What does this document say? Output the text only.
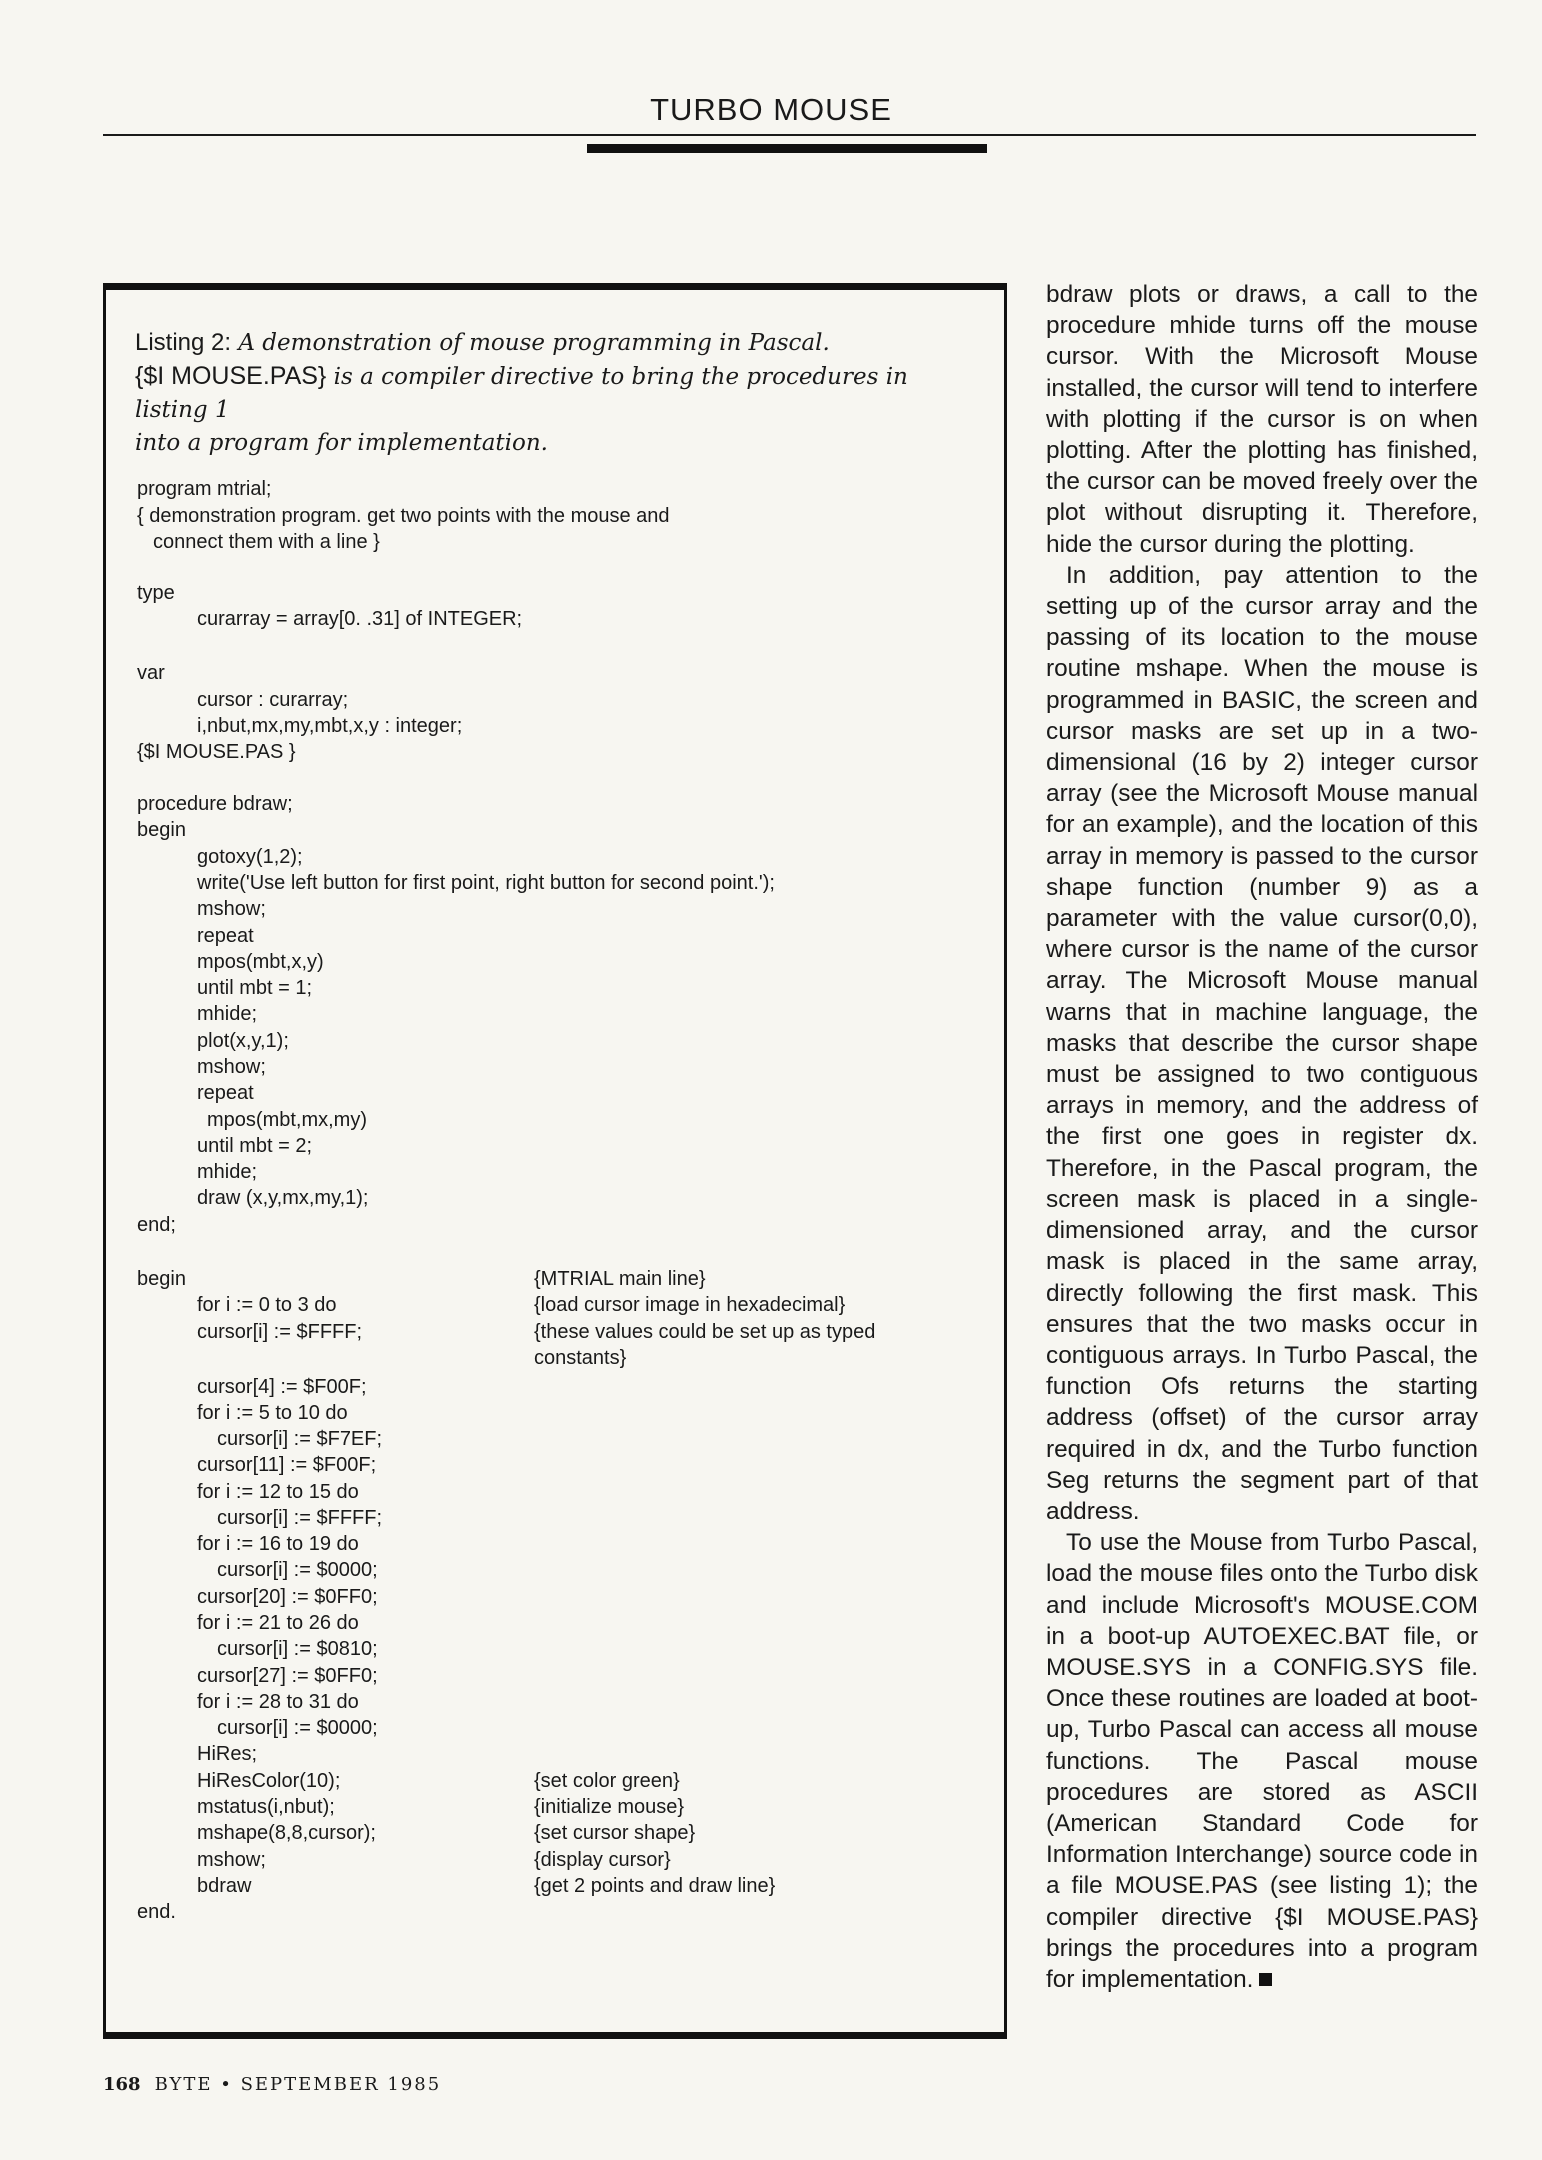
TURBO MOUSE
Listing 2: A demonstration of mouse programming in Pascal.
{$I MOUSE.PAS} is a compiler directive to bring the procedures in listing 1
into a program for implementation.
program mtrial;
{ demonstration program. get two points with the mouse and
connect them with a line }
type
curarray = array[0. .31] of INTEGER;
var
cursor : curarray;
i,nbut,mx,my,mbt,x,y : integer;
{$I MOUSE.PAS }
procedure bdraw;
begin
gotoxy(1,2);
write('Use left button for first point, right button for second point.');
mshow;
repeat
mpos(mbt,x,y)
until mbt = 1;
mhide;
plot(x,y,1);
mshow;
repeat
mpos(mbt,mx,my)
until mbt = 2;
mhide;
draw (x,y,mx,my,1);
end;
begin
for i := 0 to 3 do
cursor[i] := $FFFF;
cursor[4] := $F00F;
for i := 5 to 10 do
cursor[i] := $F7EF;
cursor[11] := $F00F;
for i := 12 to 15 do
cursor[i] := $FFFF;
for i := 16 to 19 do
cursor[i] := $0000;
cursor[20] := $0FF0;
for i := 21 to 26 do
cursor[i] := $0810;
cursor[27] := $0FF0;
for i := 28 to 31 do
cursor[i] := $0000;
HiRes;
HiResColor(10);
mstatus(i,nbut);
mshape(8,8,cursor);
mshow;
bdraw
end.
{MTRIAL main line}
{load cursor image in hexadecimal}
{these values could be set up as typed
constants}
{set color green}
{initialize mouse}
{set cursor shape}
{display cursor}
{get 2 points and draw line}

bdraw plots or draws, a call to the procedure mhide turns off the mouse cursor. With the Microsoft Mouse installed, the cursor will tend to interfere with plotting if the cursor is on when plotting. After the plotting has finished, the cursor can be moved freely over the plot without disrupting it. Therefore, hide the cursor during the plotting.

In addition, pay attention to the setting up of the cursor array and the passing of its location to the mouse routine mshape. When the mouse is programmed in BASIC, the screen and cursor masks are set up in a two-dimensional (16 by 2) integer cursor array (see the Microsoft Mouse manual for an example), and the location of this array in memory is passed to the cursor shape function (number 9) as a parameter with the value cursor(0,0), where cursor is the name of the cursor array. The Microsoft Mouse manual warns that in machine language, the masks that describe the cursor shape must be assigned to two contiguous arrays in memory, and the address of the first one goes in register dx. Therefore, in the Pascal program, the screen mask is placed in a single-dimensioned array, and the cursor mask is placed in the same array, directly following the first mask. This ensures that the two masks occur in contiguous arrays. In Turbo Pascal, the function Ofs returns the starting address (offset) of the cursor array required in dx, and the Turbo function Seg returns the segment part of that address.

To use the Mouse from Turbo Pascal, load the mouse files onto the Turbo disk and include Microsoft's MOUSE.COM in a boot-up AUTOEXEC.BAT file, or MOUSE.SYS in a CONFIG.SYS file. Once these routines are loaded at boot-up, Turbo Pascal can access all mouse functions. The Pascal mouse procedures are stored as ASCII (American Standard Code for Information Interchange) source code in a file MOUSE.PAS (see listing 1); the compiler directive {$I MOUSE.PAS} brings the procedures into a program for implementation.

168 BYTE • SEPTEMBER 1985
